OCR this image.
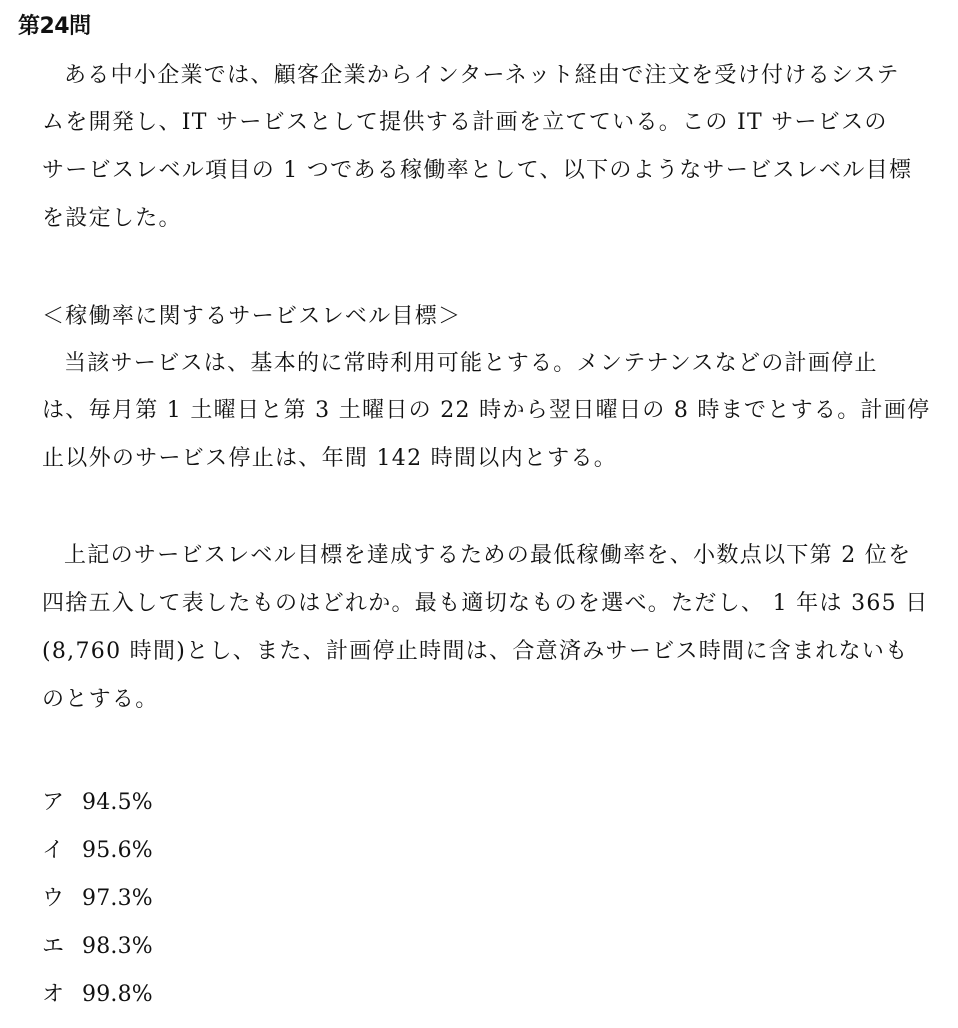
第24問

ある中小企業では、顧客企業からインターネット経由で注文を受け付けるシステ

ムを開発し、IT サービスとして提供する計画を立てている。この IT サービスの

サービスレベル項目の 1 つである稼働率として、以下のようなサービスレベル目標

を設定した。

＜稼働率に関するサービスレベル目標＞

当該サービスは、基本的に常時利用可能とする。メンテナンスなどの計画停止

は、毎月第 1 土曜日と第 3 土曜日の 22 時から翌日曜日の 8 時までとする。計画停

止以外のサービス停止は、年間 142 時間以内とする。

上記のサービスレベル目標を達成するための最低稼働率を、小数点以下第 2 位を

四捨五入して表したものはどれか。最も適切なものを選べ。ただし、 1 年は 365 日

(8,760 時間)とし、また、計画停止時間は、合意済みサービス時間に含まれないも

のとする。

ア 94.5%
イ 95.6%
ウ 97.3%
エ 98.3%
オ 99.8%
